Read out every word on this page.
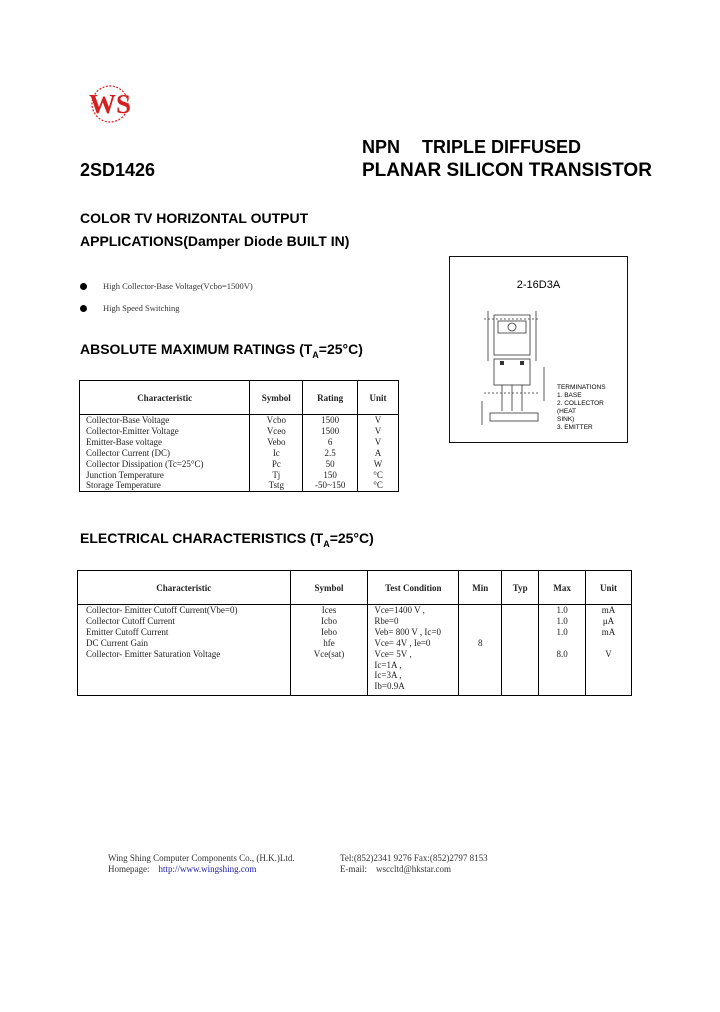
WS
NPN TRIPLE DIFFUSED
2SD1426	PLANAR SILICON TRANSISTOR
COLOR TV HORIZONTAL OUTPUT
APPLICATIONS(Damper Diode BUILT IN)
High Collector-Base Voltage(Vcbo=1500V)
High Speed Switching
2-16D3A
TERMINATIONS
1. BASE
2. COLLECTOR
(HEAT
SINK)
3. EMITTER
ABSOLUTE MAXIMUM RATINGS $(T_A=25^\circ C)$
Characteristic	Symbol	Rating	Unit
Collector-Base Voltage	Vcbo	1500	V
Collector-Emitter Voltage	Vceo	1500	V
Emitter-Base voltage	Vebo	6	V
Collector Current (DC)	Ic	2.5	A
Collector Dissipation (Tc=25°C)	Pc	50	W
Junction Temperature	Tj	150	°C
Storage Temperature	Tstg	-50~150	°C
ELECTRICAL CHARACTERISTICS $(T_A=25^\circ C)$
Characteristic	Symbol	Test Condition	Min	Typ	Max	Unit
Collector- Emitter Cutoff Current(Vbe=0)	Ices	Vce=1400 V ,			1.0	mA
Collector Cutoff Current	Icbo	Rbe=0			1.0	μA
Emitter Cutoff Current	Iebo	Veb= 800 V , Ic=0			1.0	mA
DC Current Gain	hfe	Vce= 4V , Ie=0	8			
Collector- Emitter Saturation Voltage	Vce(sat)	Vce= 5V ,			8.0	V
		Ic=1A ,				
		Ic=3A ,				
		Ib=0.9A				
Wing Shing Computer Components Co., (H.K.)Ltd.	Tel:(852)2341 9276 Fax:(852)2797 8153
Homepage: http://www.wingshing.com	E-mail: wsccltd@hkstar.com
